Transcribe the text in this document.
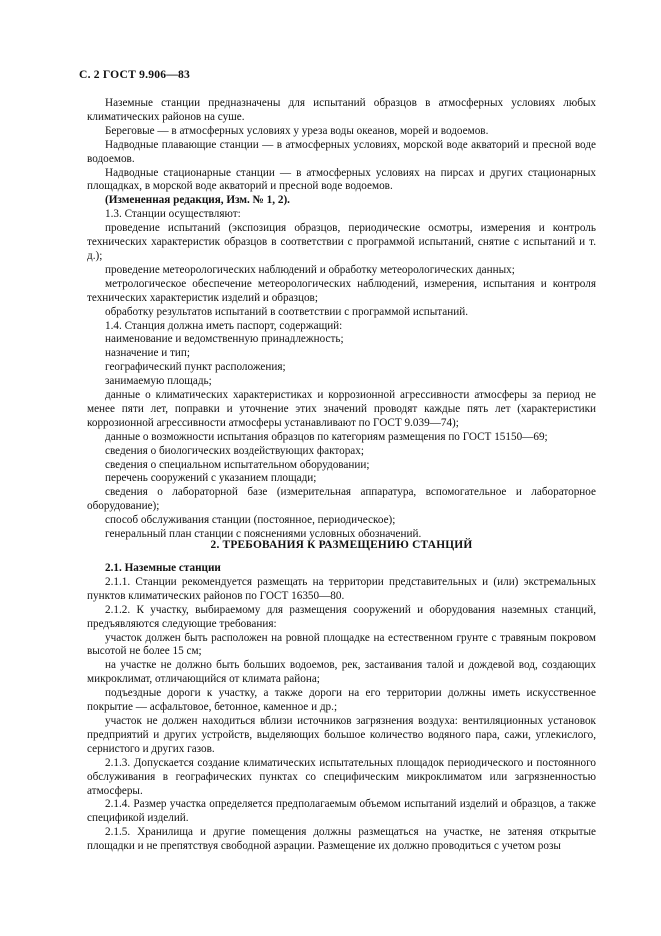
С. 2 ГОСТ 9.906—83

Наземные станции предназначены для испытаний образцов в атмосферных условиях любых климатических районов на суше.

Береговые — в атмосферных условиях у уреза воды океанов, морей и водоемов.

Надводные плавающие станции — в атмосферных условиях, морской воде акваторий и пресной воде водоемов.

Надводные стационарные станции — в атмосферных условиях на пирсах и других стационарных площадках, в морской воде акваторий и пресной воде водоемов.

(Измененная редакция, Изм. № 1, 2).

1.3. Станции осуществляют:

проведение испытаний (экспозиция образцов, периодические осмотры, измерения и контроль технических характеристик образцов в соответствии с программой испытаний, снятие с испытаний и т. д.);

проведение метеорологических наблюдений и обработку метеорологических данных;

метрологическое обеспечение метеорологических наблюдений, измерения, испытания и контроля технических характеристик изделий и образцов;

обработку результатов испытаний в соответствии с программой испытаний.

1.4. Станция должна иметь паспорт, содержащий:

наименование и ведомственную принадлежность;

назначение и тип;

географический пункт расположения;

занимаемую площадь;

данные о климатических характеристиках и коррозионной агрессивности атмосферы за период не менее пяти лет, поправки и уточнение этих значений проводят каждые пять лет (характеристики коррозионной агрессивности атмосферы устанавливают по ГОСТ 9.039—74);

данные о возможности испытания образцов по категориям размещения по ГОСТ 15150—69;

сведения о биологических воздействующих факторах;

сведения о специальном испытательном оборудовании;

перечень сооружений с указанием площади;

сведения о лабораторной базе (измерительная аппаратура, вспомогательное и лабораторное оборудование);

способ обслуживания станции (постоянное, периодическое);

генеральный план станции с пояснениями условных обозначений.

2. ТРЕБОВАНИЯ К РАЗМЕЩЕНИЮ СТАНЦИЙ

2.1. Наземные станции

2.1.1. Станции рекомендуется размещать на территории представительных и (или) экстремальных пунктов климатических районов по ГОСТ 16350—80.

2.1.2. К участку, выбираемому для размещения сооружений и оборудования наземных станций, предъявляются следующие требования:

участок должен быть расположен на ровной площадке на естественном грунте с травяным покровом высотой не более 15 см;

на участке не должно быть больших водоемов, рек, застаивания талой и дождевой вод, создающих микроклимат, отличающийся от климата района;

подъездные дороги к участку, а также дороги на его территории должны иметь искусственное покрытие — асфальтовое, бетонное, каменное и др.;

участок не должен находиться вблизи источников загрязнения воздуха: вентиляционных установок предприятий и других устройств, выделяющих большое количество водяного пара, сажи, углекислого, сернистого и других газов.

2.1.3. Допускается создание климатических испытательных площадок периодического и постоянного обслуживания в географических пунктах со специфическим микроклиматом или загрязненностью атмосферы.

2.1.4. Размер участка определяется предполагаемым объемом испытаний изделий и образцов, а также спецификой изделий.

2.1.5. Хранилища и другие помещения должны размещаться на участке, не затеняя открытые площадки и не препятствуя свободной аэрации. Размещение их должно проводиться с учетом розы
